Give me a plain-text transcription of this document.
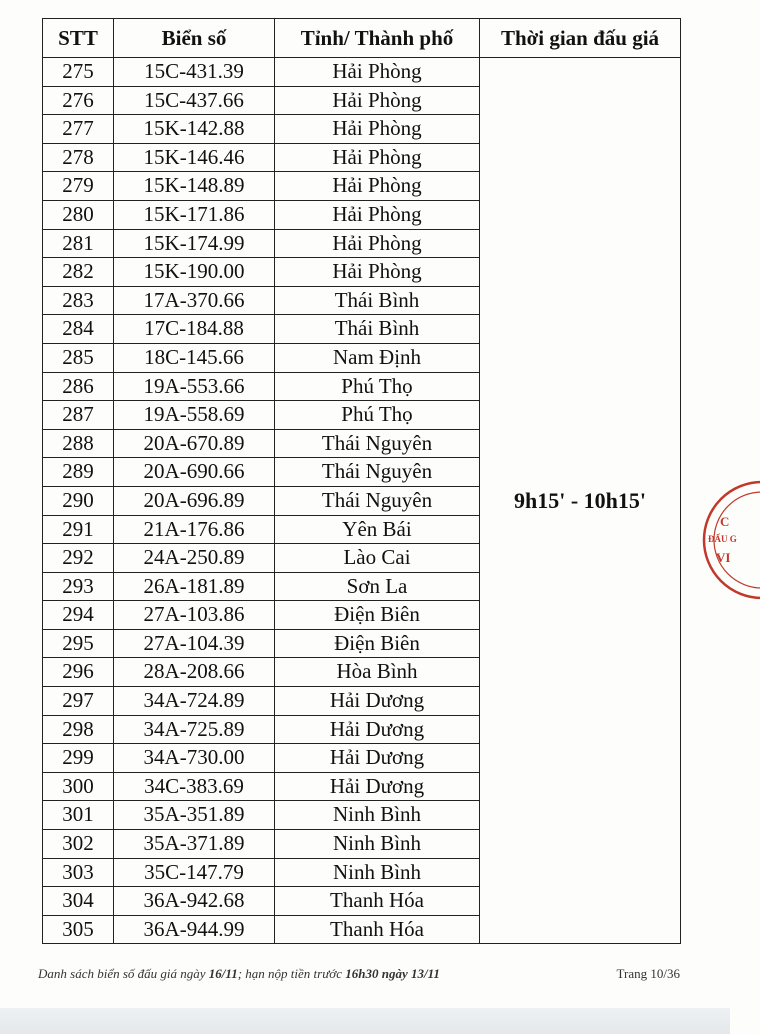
STT	Biển số	Tỉnh/ Thành phố	Thời gian đấu giá
275	15C-431.39	Hải Phòng	9h15' - 10h15'
276	15C-437.66	Hải Phòng	
277	15K-142.88	Hải Phòng	
278	15K-146.46	Hải Phòng	
279	15K-148.89	Hải Phòng	
280	15K-171.86	Hải Phòng	
281	15K-174.99	Hải Phòng	
282	15K-190.00	Hải Phòng	
283	17A-370.66	Thái Bình	
284	17C-184.88	Thái Bình	
285	18C-145.66	Nam Định	
286	19A-553.66	Phú Thọ	
287	19A-558.69	Phú Thọ	
288	20A-670.89	Thái Nguyên	
289	20A-690.66	Thái Nguyên	
290	20A-696.89	Thái Nguyên	
291	21A-176.86	Yên Bái	
292	24A-250.89	Lào Cai	
293	26A-181.89	Sơn La	
294	27A-103.86	Điện Biên	
295	27A-104.39	Điện Biên	
296	28A-208.66	Hòa Bình	
297	34A-724.89	Hải Dương	
298	34A-725.89	Hải Dương	
299	34A-730.00	Hải Dương	
300	34C-383.69	Hải Dương	
301	35A-351.89	Ninh Bình	
302	35A-371.89	Ninh Bình	
303	35C-147.79	Ninh Bình	
304	36A-942.68	Thanh Hóa	
305	36A-944.99	Thanh Hóa	
Danh sách biển số đấu giá ngày 16/11; hạn nộp tiền trước 16h30 ngày 13/11	Trang 10/36
C
ĐẤU G
VI
